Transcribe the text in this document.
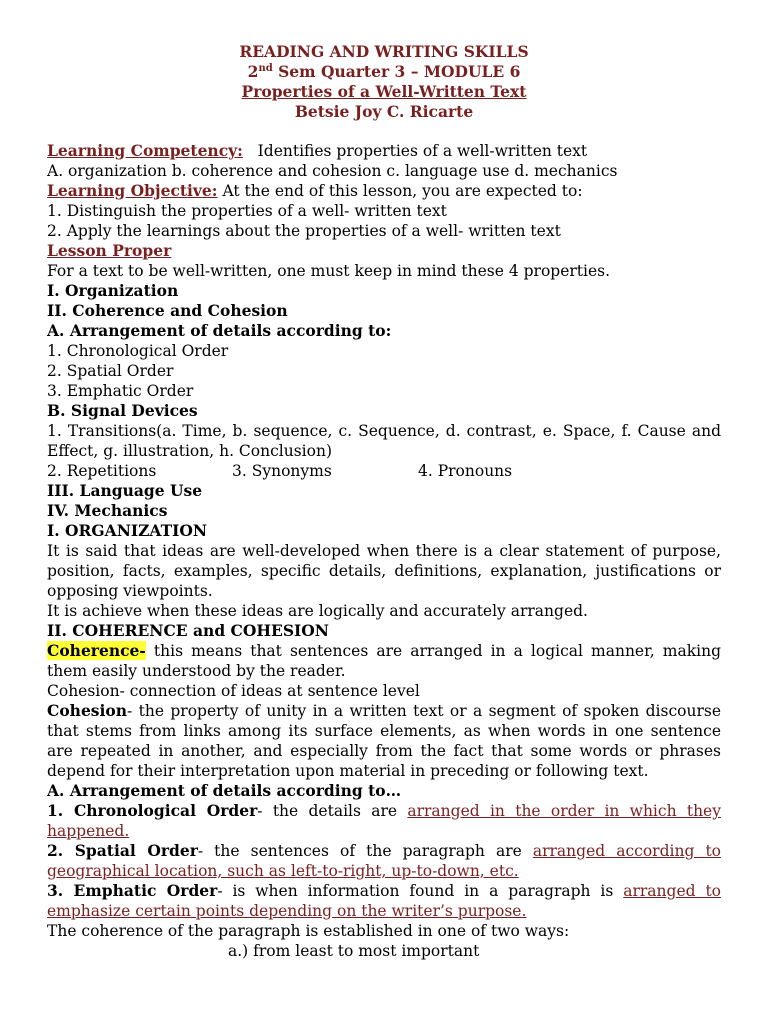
READING AND WRITING SKILLS
2nd Sem Quarter 3 – MODULE 6
Properties of a Well-Written Text
Betsie Joy C. Ricarte
Learning Competency:   Identifies properties of a well-written text
A. organization b. coherence and cohesion c. language use d. mechanics
Learning Objective: At the end of this lesson, you are expected to:
1. Distinguish the properties of a well- written text
2. Apply the learnings about the properties of a well- written text
Lesson Proper
For a text to be well-written, one must keep in mind these 4 properties.
I. Organization
II. Coherence and Cohesion
A. Arrangement of details according to:
1. Chronological Order
2. Spatial Order
3. Emphatic Order
B. Signal Devices
1. Transitions(a. Time, b. sequence, c. Sequence, d. contrast, e. Space, f. Cause and Effect, g. illustration, h. Conclusion)
2. Repetitions	3. Synonyms	4. Pronouns
III. Language Use
IV. Mechanics
I. ORGANIZATION
It is said that ideas are well-developed when there is a clear statement of purpose, position, facts, examples, specific details, definitions, explanation, justifications or opposing viewpoints.
It is achieve when these ideas are logically and accurately arranged.
II. COHERENCE and COHESION
Coherence- this means that sentences are arranged in a logical manner, making them easily understood by the reader.
Cohesion- connection of ideas at sentence level
Cohesion- the property of unity in a written text or a segment of spoken discourse that stems from links among its surface elements, as when words in one sentence are repeated in another, and especially from the fact that some words or phrases depend for their interpretation upon material in preceding or following text.
A. Arrangement of details according to…
1. Chronological Order- the details are arranged in the order in which they happened.
2. Spatial Order- the sentences of the paragraph are arranged according to geographical location, such as left-to-right, up-to-down, etc.
3. Emphatic Order- is when information found in a paragraph is arranged to emphasize certain points depending on the writer’s purpose.
The coherence of the paragraph is established in one of two ways:
a.) from least to most important
